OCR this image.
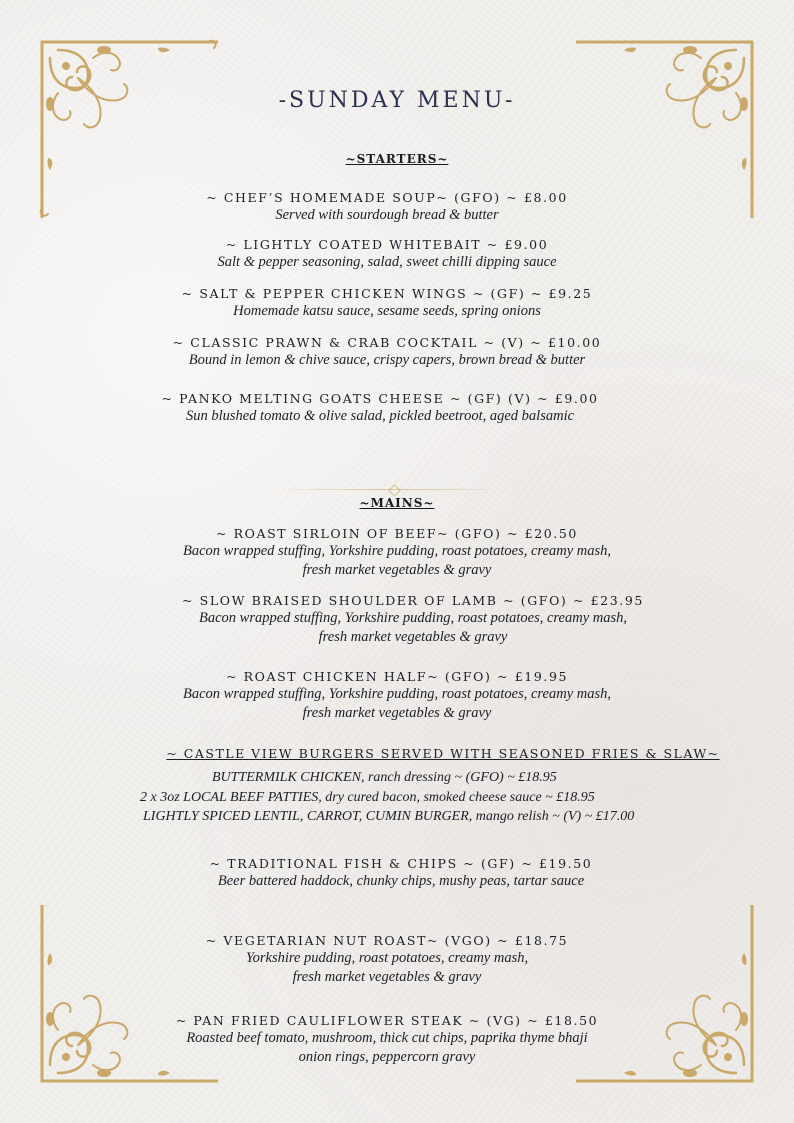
-SUNDAY MENU-
~STARTERS~
~ CHEF’S HOMEMADE SOUP~ (GFO) ~ £8.00
Served with sourdough bread & butter
~ LIGHTLY COATED WHITEBAIT ~ £9.00
Salt & pepper seasoning, salad, sweet chilli dipping sauce
~ SALT & PEPPER CHICKEN WINGS ~ (GF) ~ £9.25
Homemade katsu sauce, sesame seeds, spring onions
~ CLASSIC PRAWN & CRAB COCKTAIL ~ (V) ~ £10.00
Bound in lemon & chive sauce, crispy capers, brown bread & butter
~ PANKO MELTING GOATS CHEESE ~ (GF) (V) ~ £9.00
Sun blushed tomato & olive salad, pickled beetroot, aged balsamic
~MAINS~
~ ROAST SIRLOIN OF BEEF~ (GFO) ~ £20.50
Bacon wrapped stuffing, Yorkshire pudding, roast potatoes, creamy mash,
fresh market vegetables & gravy
~ SLOW BRAISED SHOULDER OF LAMB ~ (GFO) ~ £23.95
Bacon wrapped stuffing, Yorkshire pudding, roast potatoes, creamy mash,
fresh market vegetables & gravy
~ ROAST CHICKEN HALF~ (GFO) ~ £19.95
Bacon wrapped stuffing, Yorkshire pudding, roast potatoes, creamy mash,
fresh market vegetables & gravy
~ CASTLE VIEW BURGERS SERVED WITH SEASONED FRIES & SLAW~
BUTTERMILK CHICKEN, ranch dressing ~ (GFO) ~ £18.95
2 x 3oz LOCAL BEEF PATTIES, dry cured bacon, smoked cheese sauce ~ £18.95
LIGHTLY SPICED LENTIL, CARROT, CUMIN BURGER, mango relish ~ (V) ~ £17.00
~ TRADITIONAL FISH & CHIPS ~ (GF) ~ £19.50
Beer battered haddock, chunky chips, mushy peas, tartar sauce
~ VEGETARIAN NUT ROAST~ (VGO) ~ £18.75
Yorkshire pudding, roast potatoes, creamy mash,
fresh market vegetables & gravy
~ PAN FRIED CAULIFLOWER STEAK ~ (VG) ~ £18.50
Roasted beef tomato, mushroom, thick cut chips, paprika thyme bhaji
onion rings, peppercorn gravy
